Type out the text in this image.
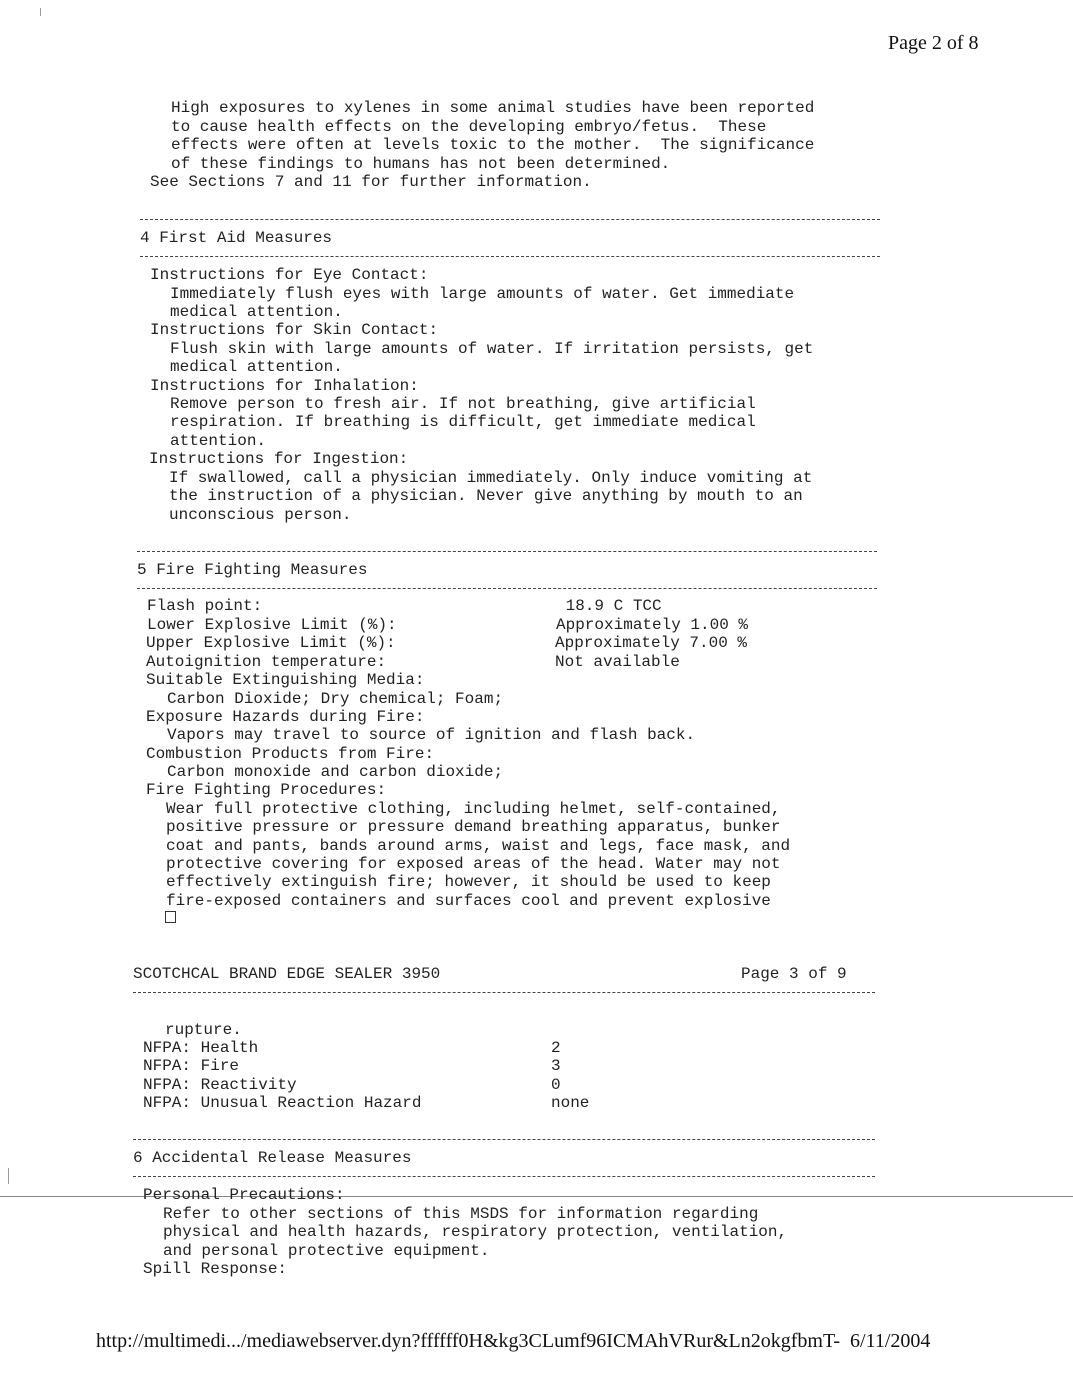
Page 2 of 8
High exposures to xylenes in some animal studies have been reported
to cause health effects on the developing embryo/fetus.  These
effects were often at levels toxic to the mother.  The significance
of these findings to humans has not been determined.
See Sections 7 and 11 for further information.
4 First Aid Measures
Instructions for Eye Contact:
Immediately flush eyes with large amounts of water. Get immediate
medical attention.
Instructions for Skin Contact:
Flush skin with large amounts of water. If irritation persists, get
medical attention.
Instructions for Inhalation:
Remove person to fresh air. If not breathing, give artificial
respiration. If breathing is difficult, get immediate medical
attention.
Instructions for Ingestion:
If swallowed, call a physician immediately. Only induce vomiting at
the instruction of a physician. Never give anything by mouth to an
unconscious person.
5 Fire Fighting Measures
Flash point:	18.9 C TCC
Lower Explosive Limit (%):	Approximately 1.00 %
Upper Explosive Limit (%):	Approximately 7.00 %
Autoignition temperature:	Not available
Suitable Extinguishing Media:
Carbon Dioxide; Dry chemical; Foam;
Exposure Hazards during Fire:
Vapors may travel to source of ignition and flash back.
Combustion Products from Fire:
Carbon monoxide and carbon dioxide;
Fire Fighting Procedures:
Wear full protective clothing, including helmet, self-contained,
positive pressure or pressure demand breathing apparatus, bunker
coat and pants, bands around arms, waist and legs, face mask, and
protective covering for exposed areas of the head. Water may not
effectively extinguish fire; however, it should be used to keep
fire-exposed containers and surfaces cool and prevent explosive
SCOTCHCAL BRAND EDGE SEALER 3950	Page 3 of 9
rupture.
NFPA: Health	2
NFPA: Fire	3
NFPA: Reactivity	0
NFPA: Unusual Reaction Hazard	none
6 Accidental Release Measures
Personal Precautions:
Refer to other sections of this MSDS for information regarding
physical and health hazards, respiratory protection, ventilation,
and personal protective equipment.
Spill Response:
http://multimedi.../mediawebserver.dyn?ffffff0H&kg3CLumf96ICMAhVRur&Ln2okgfbmT- 6/11/2004
